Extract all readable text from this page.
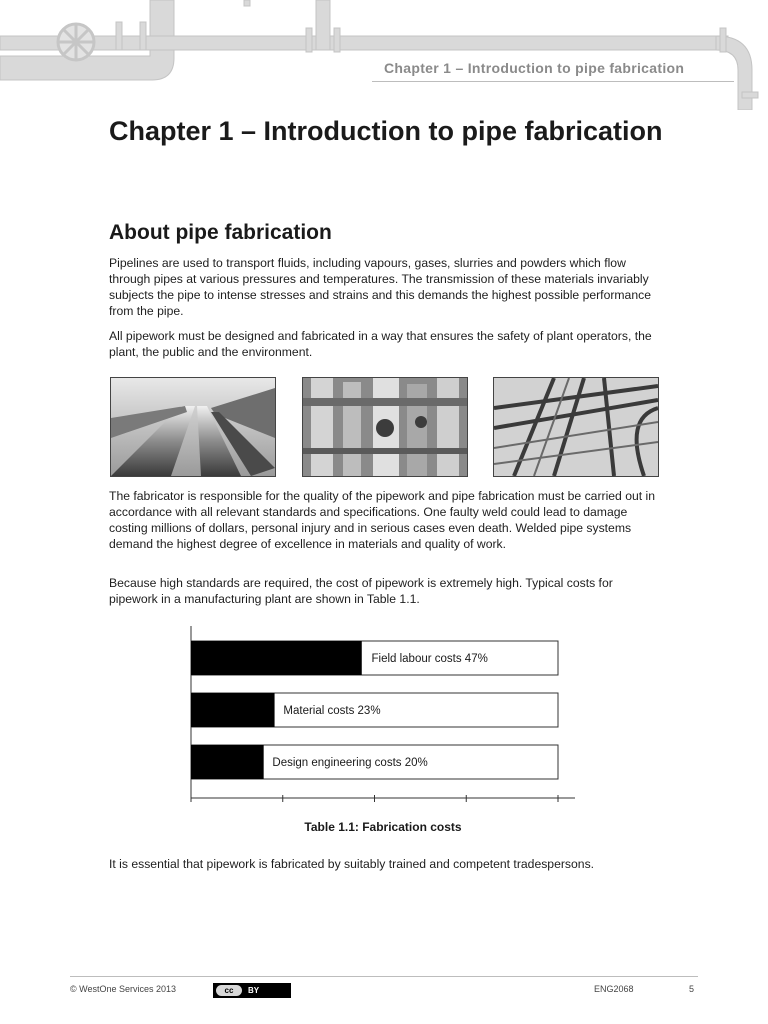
Chapter 1 – Introduction to pipe fabrication
Chapter 1 – Introduction to pipe fabrication
About pipe fabrication

Pipelines are used to transport fluids, including vapours, gases, slurries and powders which flow through pipes at various pressures and temperatures. The transmission of these materials invariably subjects the pipe to intense stresses and strains and this demands the highest possible performance from the pipe.

All pipework must be designed and fabricated in a way that ensures the safety of plant operators, the plant, the public and the environment.

The fabricator is responsible for the quality of the pipework and pipe fabrication must be carried out in accordance with all relevant standards and specifications. One faulty weld could lead to damage costing millions of dollars, personal injury and in serious cases even death. Welded pipe systems demand the highest degree of excellence in materials and quality of work.

Because high standards are required, the cost of pipework is extremely high. Typical costs for pipework in a manufacturing plant are shown in Table 1.1.

Field labour costs 47%
Material costs 23%
Design engineering costs 20%
Table 1.1: Fabrication costs

It is essential that pipework is fabricated by suitably trained and competent tradespersons.

© WestOne Services 2013	cc	BY	ENG2068	5
